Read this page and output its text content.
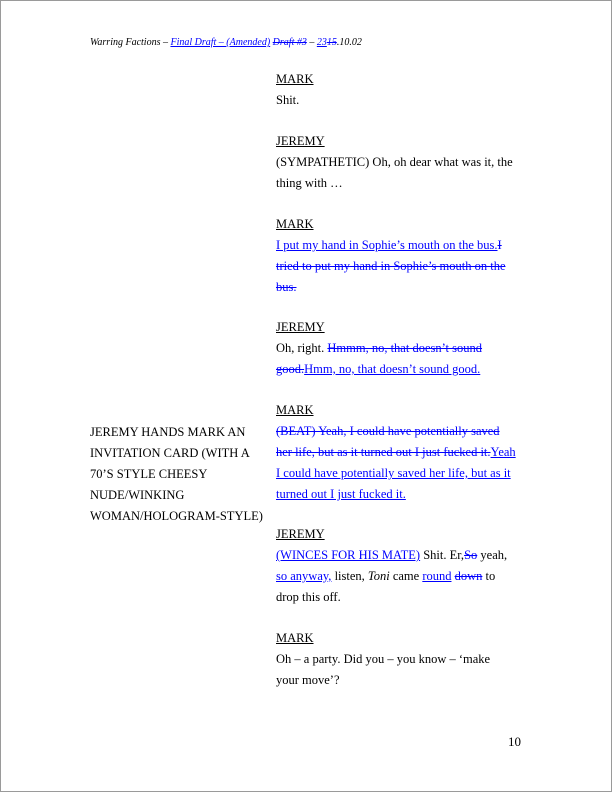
Warring Factions – Final Draft – (Amended) Draft #3 – 2315.10.02
MARK
Shit.
JEREMY
(SYMPATHETIC) Oh, oh dear what was it, the thing with …
MARK
I put my hand in Sophie’s mouth on the bus.I tried to put my hand in Sophie’s mouth on the bus.
JEREMY
Oh, right. Hmmm, no, that doesn’t sound good.Hmm, no, that doesn’t sound good.
MARK
(BEAT) Yeah, I could have potentially saved her life, but as it turned out I just fucked it.Yeah I could have potentially saved her life, but as it turned out I just fucked it.
JEREMY
(WINCES FOR HIS MATE) Shit. Er,So yeah, so anyway, listen, Toni came round down to drop this off.
MARK
Oh – a party. Did you – you know – ‘make your move’?
JEREMY HANDS MARK AN INVITATION CARD (WITH A 70’S STYLE CHEESY NUDE/WINKING WOMAN/HOLOGRAM-STYLE)
10
